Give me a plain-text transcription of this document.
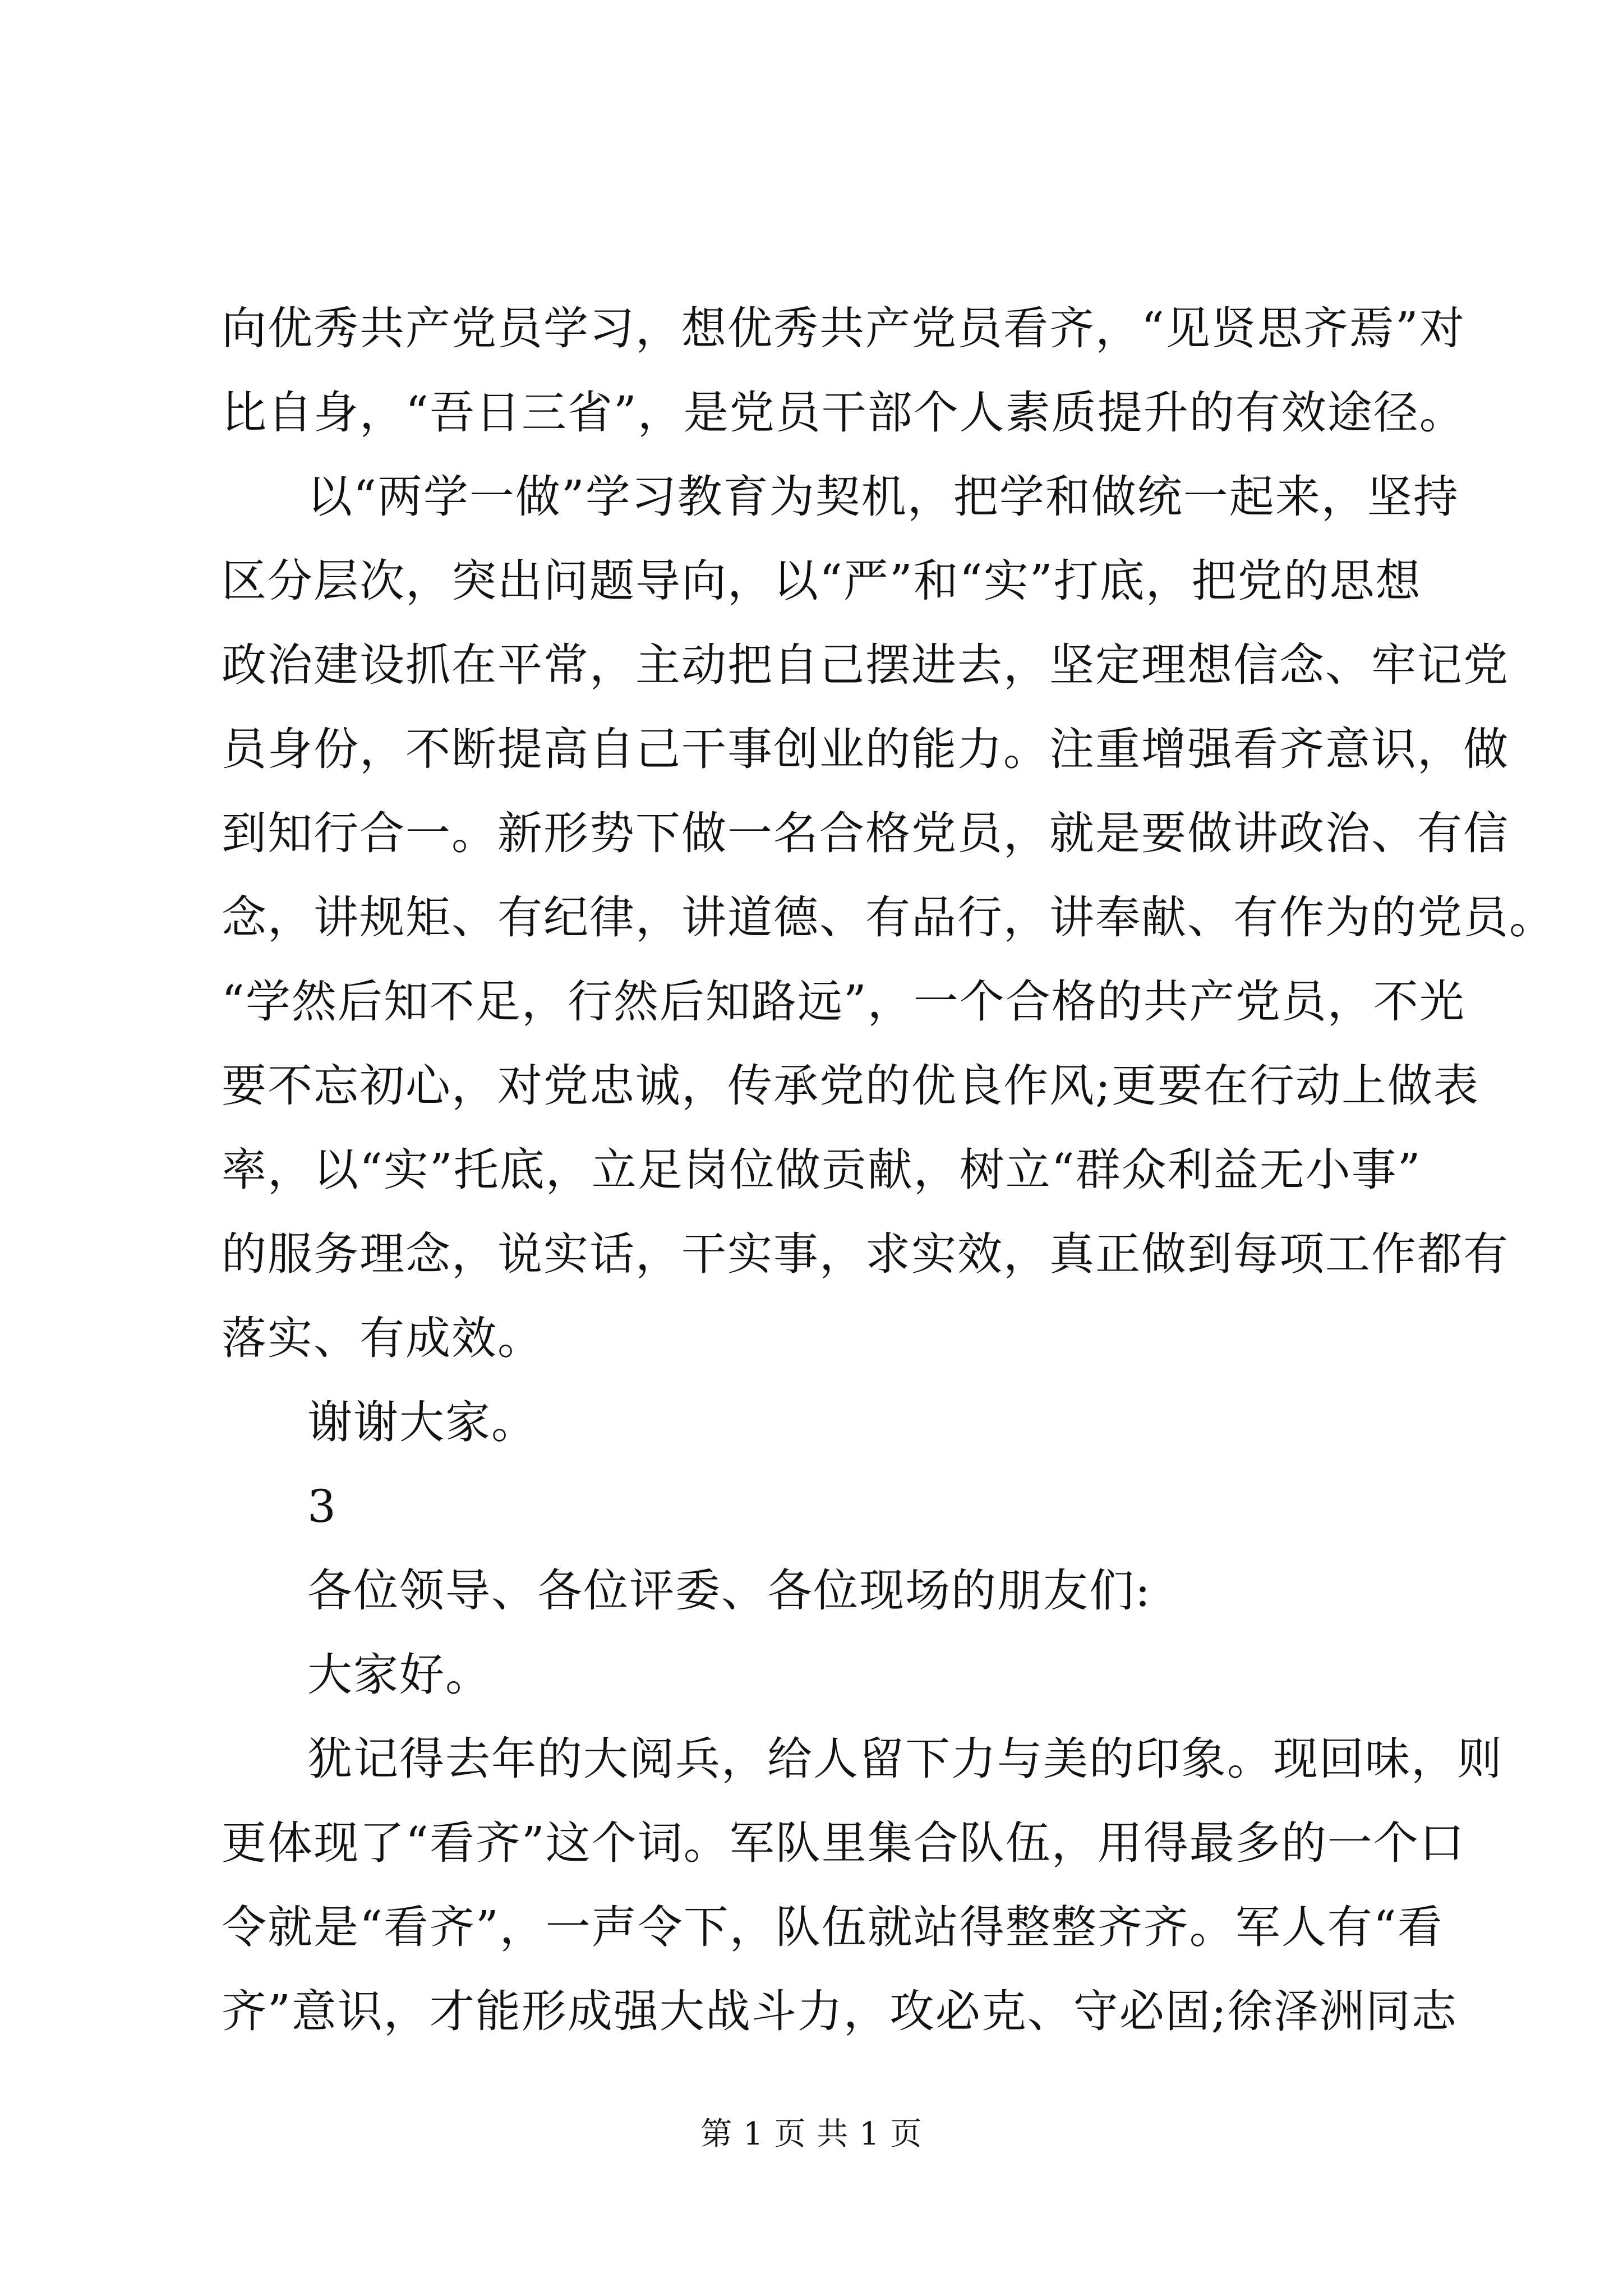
向优秀共产党员学习，想优秀共产党员看齐，“见贤思齐焉”对
比自身，“吾日三省”，是党员干部个人素质提升的有效途径。
以“两学一做”学习教育为契机，把学和做统一起来，坚持
区分层次，突出问题导向，以“严”和“实”打底，把党的思想
政治建设抓在平常，主动把自己摆进去，坚定理想信念、牢记党
员身份，不断提高自己干事创业的能力。注重增强看齐意识，做
到知行合一。新形势下做一名合格党员，就是要做讲政治、有信
念，讲规矩、有纪律，讲道德、有品行，讲奉献、有作为的党员。
“学然后知不足，行然后知路远”，一个合格的共产党员，不光
要不忘初心，对党忠诚，传承党的优良作风;更要在行动上做表
率，以“实”托底，立足岗位做贡献，树立“群众利益无小事”
的服务理念，说实话，干实事，求实效，真正做到每项工作都有
落实、有成效。
谢谢大家。
3
各位领导、各位评委、各位现场的朋友们:
大家好。
犹记得去年的大阅兵，给人留下力与美的印象。现回味，则
更体现了“看齐”这个词。军队里集合队伍，用得最多的一个口
令就是“看齐”，一声令下，队伍就站得整整齐齐。军人有“看
齐”意识，才能形成强大战斗力，攻必克、守必固;徐泽洲同志
第 1 页 共 1 页
